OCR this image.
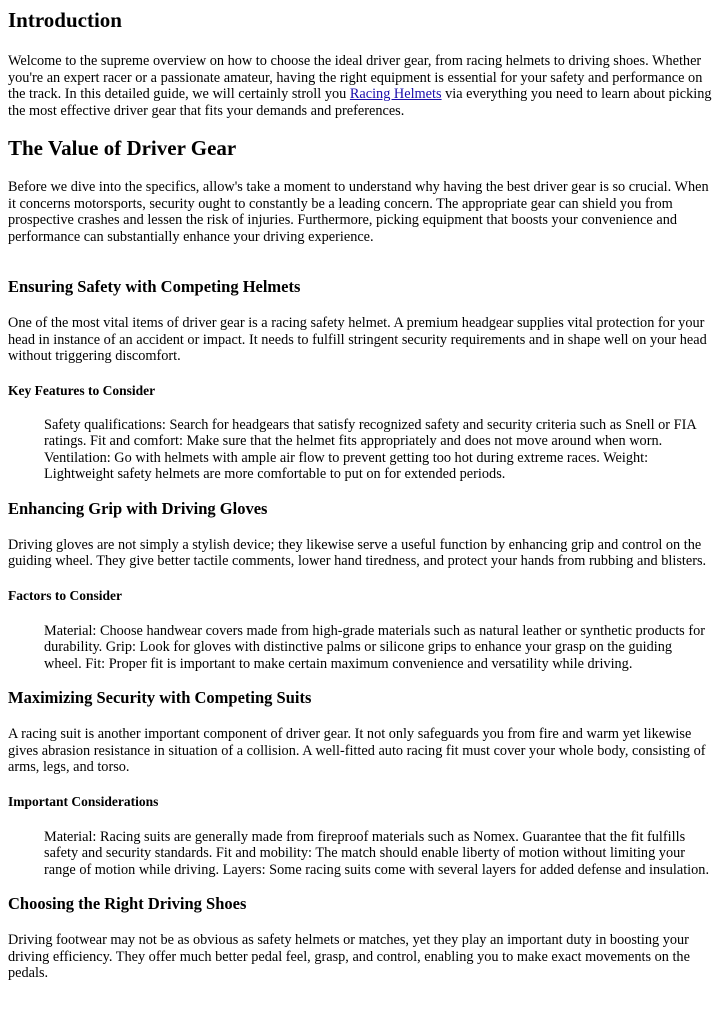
Introduction

Welcome to the supreme overview on how to choose the ideal driver gear, from racing helmets to driving shoes. Whether you're an expert racer or a passionate amateur, having the right equipment is essential for your safety and performance on the track. In this detailed guide, we will certainly stroll you Racing Helmets via everything you need to learn about picking the most effective driver gear that fits your demands and preferences.

The Value of Driver Gear

Before we dive into the specifics, allow's take a moment to understand why having the best driver gear is so crucial. When it concerns motorsports, security ought to constantly be a leading concern. The appropriate gear can shield you from prospective crashes and lessen the risk of injuries. Furthermore, picking equipment that boosts your convenience and performance can substantially enhance your driving experience.

Ensuring Safety with Competing Helmets

One of the most vital items of driver gear is a racing safety helmet. A premium headgear supplies vital protection for your head in instance of an accident or impact. It needs to fulfill stringent security requirements and in shape well on your head without triggering discomfort.

Key Features to Consider
Safety qualifications: Search for headgears that satisfy recognized safety and security criteria such as Snell or FIA ratings. Fit and comfort: Make sure that the helmet fits appropriately and does not move around when worn. Ventilation: Go with helmets with ample air flow to prevent getting too hot during extreme races. Weight: Lightweight safety helmets are more comfortable to put on for extended periods.
Enhancing Grip with Driving Gloves

Driving gloves are not simply a stylish device; they likewise serve a useful function by enhancing grip and control on the guiding wheel. They give better tactile comments, lower hand tiredness, and protect your hands from rubbing and blisters.

Factors to Consider
Material: Choose handwear covers made from high-grade materials such as natural leather or synthetic products for durability. Grip: Look for gloves with distinctive palms or silicone grips to enhance your grasp on the guiding wheel. Fit: Proper fit is important to make certain maximum convenience and versatility while driving.
Maximizing Security with Competing Suits

A racing suit is another important component of driver gear. It not only safeguards you from fire and warm yet likewise gives abrasion resistance in situation of a collision. A well-fitted auto racing fit must cover your whole body, consisting of arms, legs, and torso.

Important Considerations
Material: Racing suits are generally made from fireproof materials such as Nomex. Guarantee that the fit fulfills safety and security standards. Fit and mobility: The match should enable liberty of motion without limiting your range of motion while driving. Layers: Some racing suits come with several layers for added defense and insulation.
Choosing the Right Driving Shoes

Driving footwear may not be as obvious as safety helmets or matches, yet they play an important duty in boosting your driving efficiency. They offer much better pedal feel, grasp, and control, enabling you to make exact movements on the pedals.
